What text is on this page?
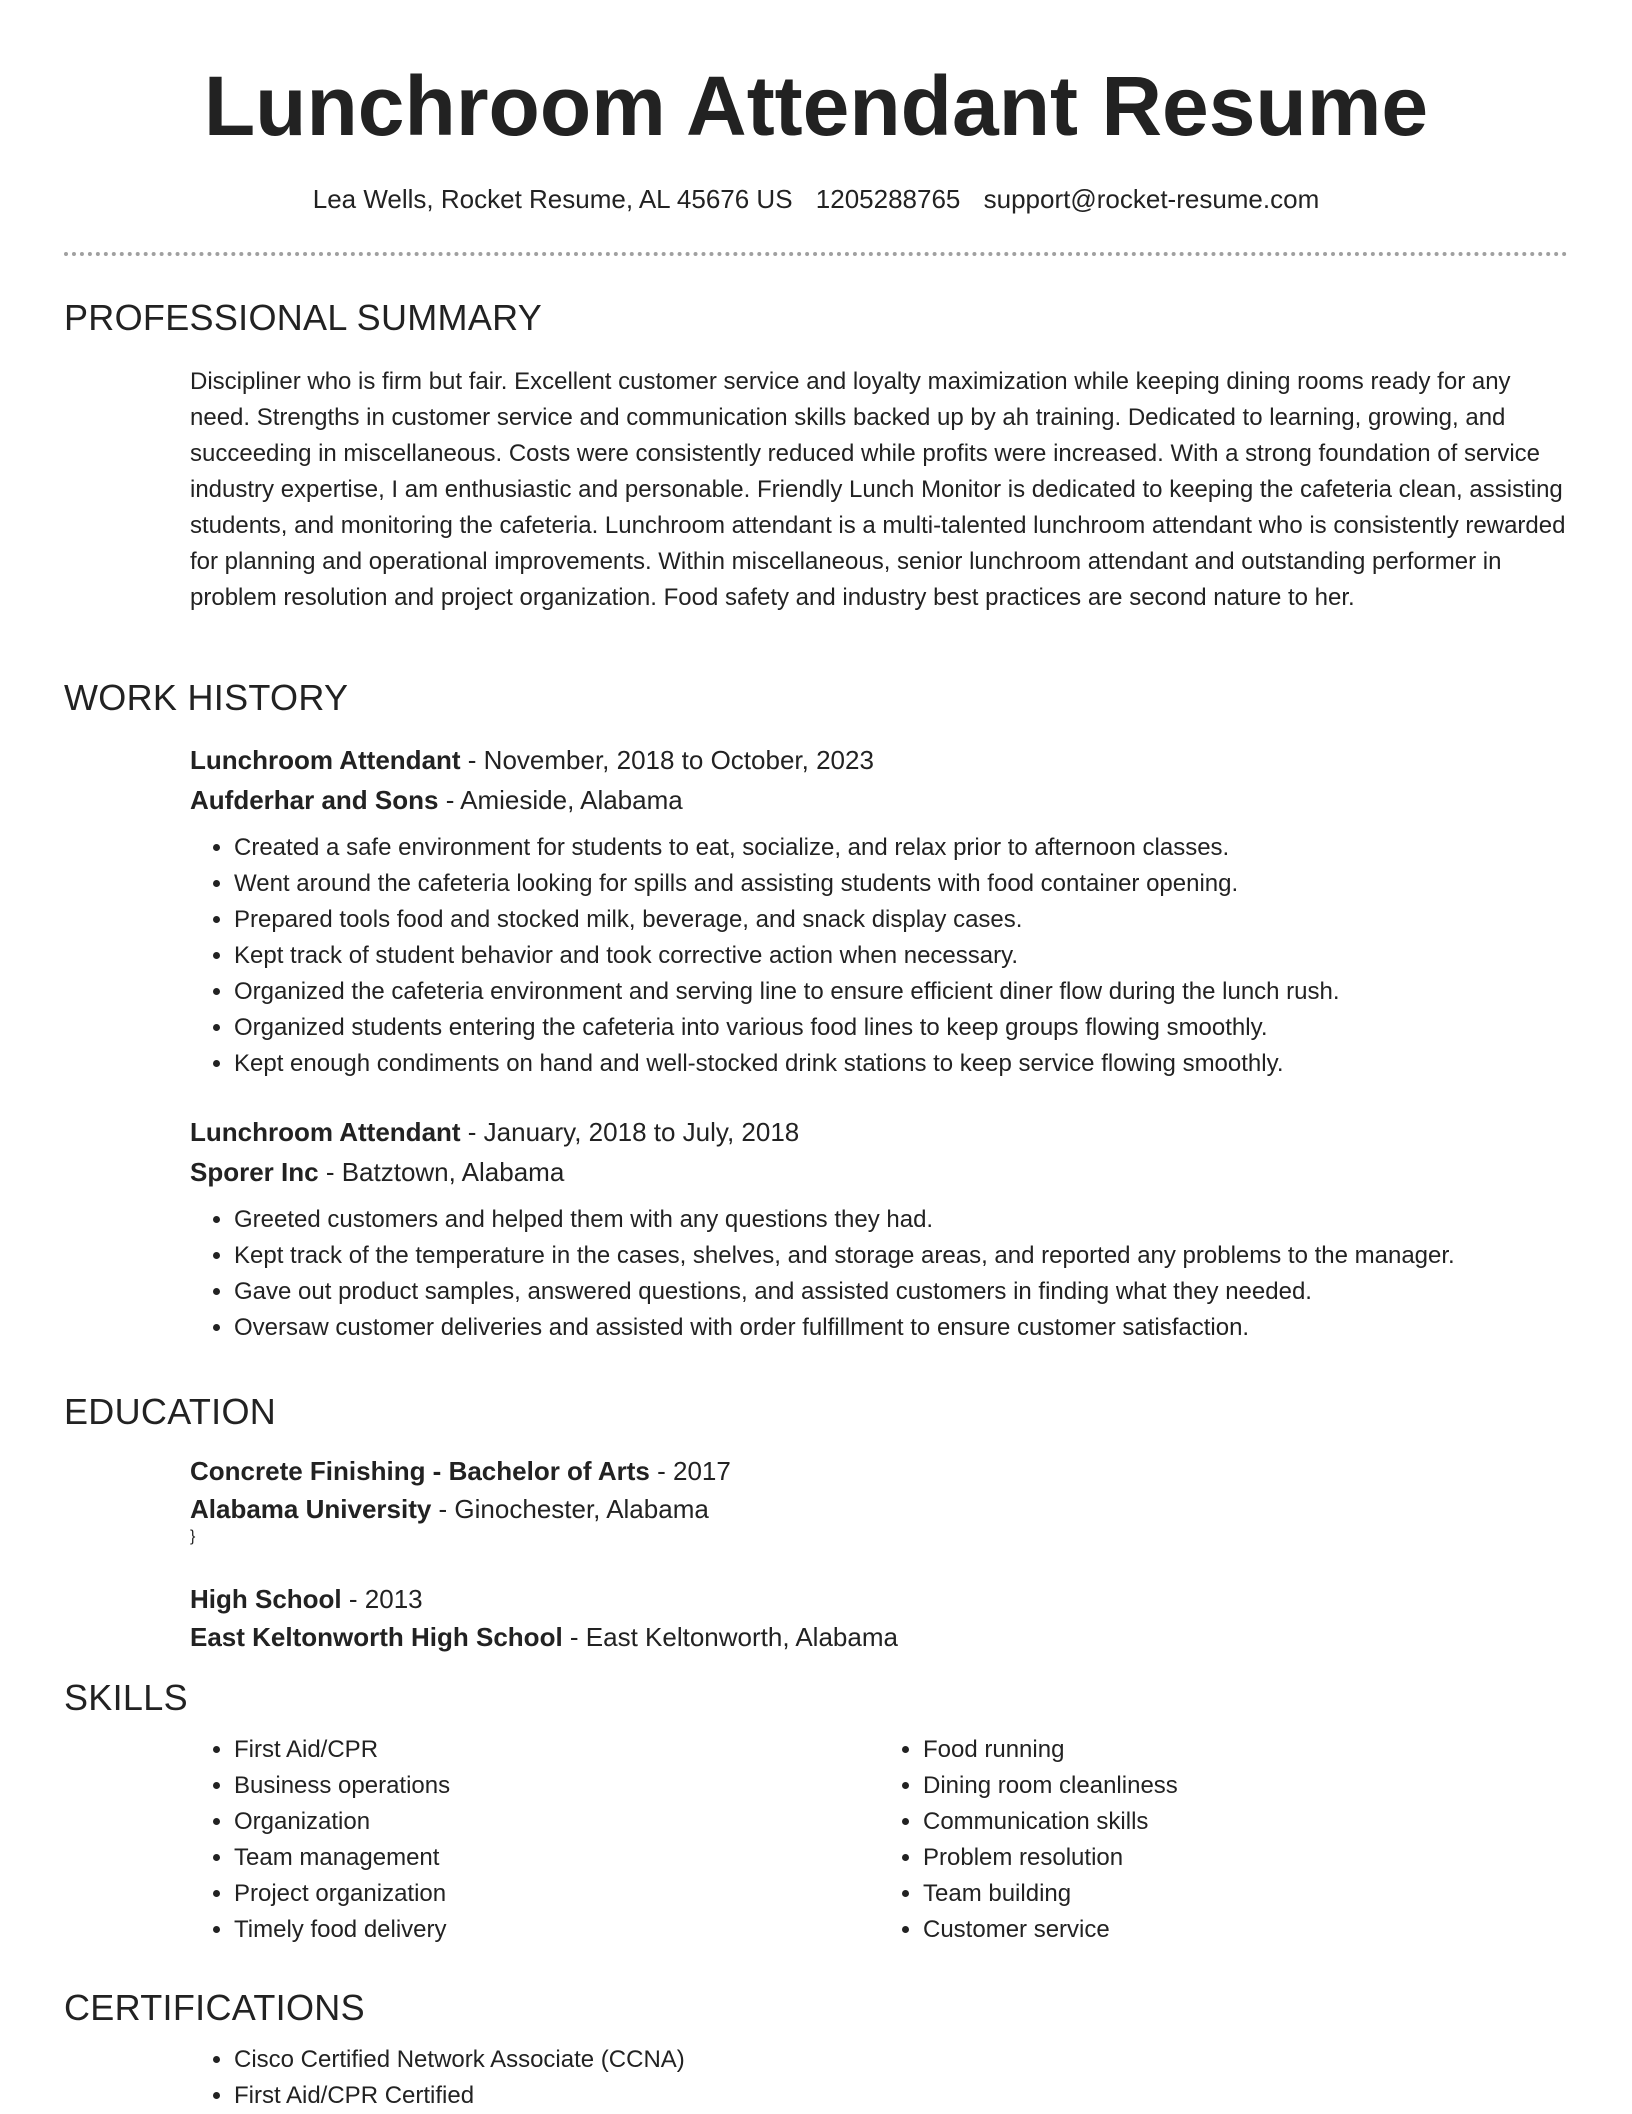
Lunchroom Attendant Resume
Lea Wells, Rocket Resume, AL 45676 US 1205288765 support@rocket-resume.com
PROFESSIONAL SUMMARY
Discipliner who is firm but fair. Excellent customer service and loyalty maximization while keeping dining rooms ready for any need. Strengths in customer service and communication skills backed up by ah training. Dedicated to learning, growing, and succeeding in miscellaneous. Costs were consistently reduced while profits were increased. With a strong foundation of service industry expertise, I am enthusiastic and personable. Friendly Lunch Monitor is dedicated to keeping the cafeteria clean, assisting students, and monitoring the cafeteria. Lunchroom attendant is a multi-talented lunchroom attendant who is consistently rewarded for planning and operational improvements. Within miscellaneous, senior lunchroom attendant and outstanding performer in problem resolution and project organization. Food safety and industry best practices are second nature to her.
WORK HISTORY
Lunchroom Attendant - November, 2018 to October, 2023
Aufderhar and Sons - Amieside, Alabama
• Created a safe environment for students to eat, socialize, and relax prior to afternoon classes.
• Went around the cafeteria looking for spills and assisting students with food container opening.
• Prepared tools food and stocked milk, beverage, and snack display cases.
• Kept track of student behavior and took corrective action when necessary.
• Organized the cafeteria environment and serving line to ensure efficient diner flow during the lunch rush.
• Organized students entering the cafeteria into various food lines to keep groups flowing smoothly.
• Kept enough condiments on hand and well-stocked drink stations to keep service flowing smoothly.
Lunchroom Attendant - January, 2018 to July, 2018
Sporer Inc - Batztown, Alabama
• Greeted customers and helped them with any questions they had.
• Kept track of the temperature in the cases, shelves, and storage areas, and reported any problems to the manager.
• Gave out product samples, answered questions, and assisted customers in finding what they needed.
• Oversaw customer deliveries and assisted with order fulfillment to ensure customer satisfaction.
EDUCATION
Concrete Finishing - Bachelor of Arts - 2017
Alabama University - Ginochester, Alabama
}
High School - 2013
East Keltonworth High School - East Keltonworth, Alabama
SKILLS
• First Aid/CPR
• Business operations
• Organization
• Team management
• Project organization
• Timely food delivery
• Food running
• Dining room cleanliness
• Communication skills
• Problem resolution
• Team building
• Customer service
CERTIFICATIONS
• Cisco Certified Network Associate (CCNA)
• First Aid/CPR Certified
